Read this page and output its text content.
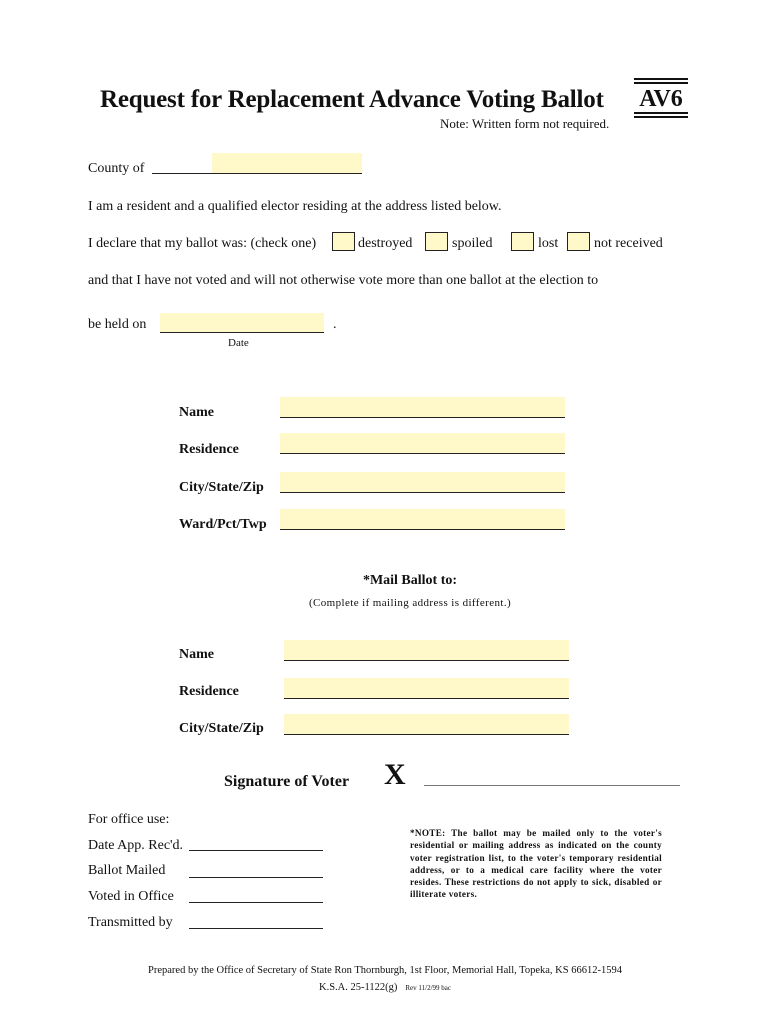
Request for Replacement Advance Voting Ballot AV6
Note: Written form not required.
County of
I am a resident and a qualified elector residing at the address listed below.
I declare that my ballot was: (check one)	destroyed	spoiled	lost	not received
and that I have not voted and will not otherwise vote more than one ballot at the election to
be held on	.
Date
Name
Residence
City/State/Zip
Ward/Pct/Twp
*Mail Ballot to:
(Complete if mailing address is different.)
Name
Residence
City/State/Zip
Signature of Voter X
For office use:
Date App. Rec'd.
Ballot Mailed
Voted in Office
Transmitted by
*NOTE: The ballot may be mailed only to the voter's residential or mailing address as indicated on the county voter registration list, to the voter's temporary residential address, or to a medical care facility where the voter resides. These restrictions do not apply to sick, disabled or illiterate voters.
Prepared by the Office of Secretary of State Ron Thornburgh, 1st Floor, Memorial Hall, Topeka, KS 66612-1594
K.S.A. 25-1122(g) Rev 11/2/99 bac
